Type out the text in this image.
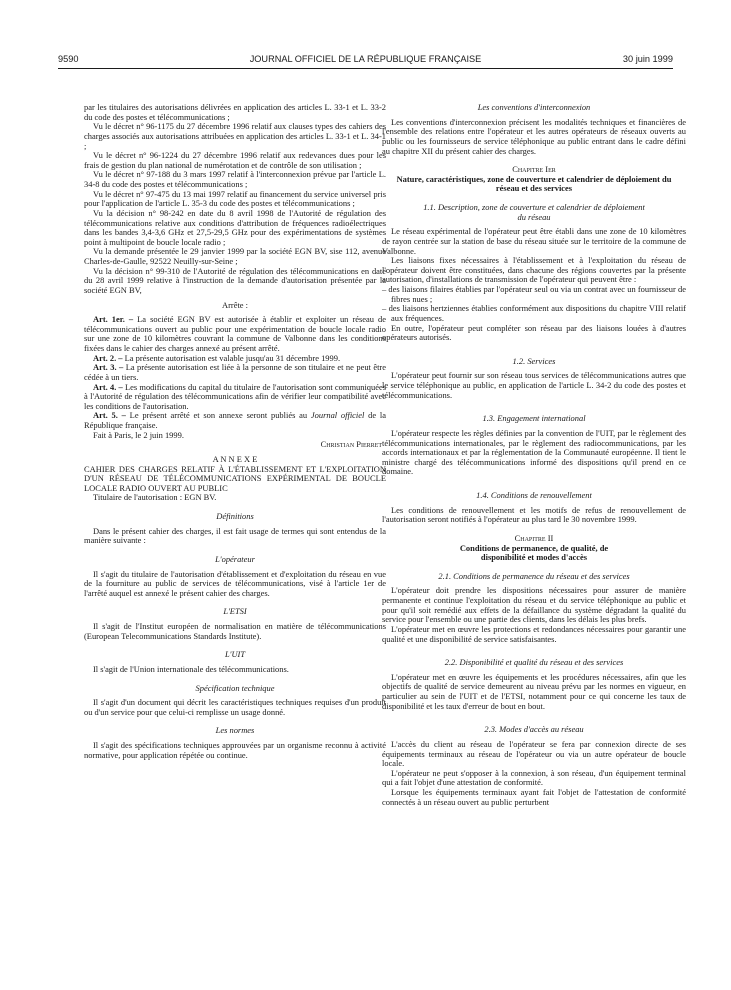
9590	JOURNAL OFFICIEL DE LA RÉPUBLIQUE FRANÇAISE	30 juin 1999

par les titulaires des autorisations délivrées en application des articles L. 33-1 et L. 33-2 du code des postes et télécommunications ;

Vu le décret n° 96-1175 du 27 décembre 1996 relatif aux clauses types des cahiers des charges associés aux autorisations attribuées en application des articles L. 33-1 et L. 34-1 ;

Vu le décret n° 96-1224 du 27 décembre 1996 relatif aux redevances dues pour les frais de gestion du plan national de numérotation et de contrôle de son utilisation ;

Vu le décret n° 97-188 du 3 mars 1997 relatif à l'interconnexion prévue par l'article L. 34-8 du code des postes et télécommunications ;

Vu le décret n° 97-475 du 13 mai 1997 relatif au financement du service universel pris pour l'application de l'article L. 35-3 du code des postes et télécommunications ;

Vu la décision n° 98-242 en date du 8 avril 1998 de l'Autorité de régulation des télécommunications relative aux conditions d'attribution de fréquences radioélectriques dans les bandes 3,4-3,6 GHz et 27,5-29,5 GHz pour des expérimentations de systèmes point à multipoint de boucle locale radio ;

Vu la demande présentée le 29 janvier 1999 par la société EGN BV, sise 112, avenue Charles-de-Gaulle, 92522 Neuilly-sur-Seine ;

Vu la décision n° 99-310 de l'Autorité de régulation des télécommunications en date du 28 avril 1999 relative à l'instruction de la demande d'autorisation présentée par la société EGN BV,

Arrête :

Art. 1er. – La société EGN BV est autorisée à établir et exploiter un réseau de télécommunications ouvert au public pour une expérimentation de boucle locale radio sur une zone de 10 kilomètres couvrant la commune de Valbonne dans les conditions fixées dans le cahier des charges annexé au présent arrêté.

Art. 2. – La présente autorisation est valable jusqu'au 31 décembre 1999.

Art. 3. – La présente autorisation est liée à la personne de son titulaire et ne peut être cédée à un tiers.

Art. 4. – Les modifications du capital du titulaire de l'autorisation sont communiquées à l'Autorité de régulation des télécommunications afin de vérifier leur compatibilité avec les conditions de l'autorisation.

Art. 5. – Le présent arrêté et son annexe seront publiés au Journal officiel de la République française.

Fait à Paris, le 2 juin 1999.

Christian Pierret

A N N E X E

CAHIER DES CHARGES RELATIF À L'ÉTABLISSEMENT ET L'EXPLOITATION D'UN RÉSEAU DE TÉLÉCOMMUNICATIONS EXPÉRIMENTAL DE BOUCLE LOCALE RADIO OUVERT AU PUBLIC

Titulaire de l'autorisation : EGN BV.

Définitions

Dans le présent cahier des charges, il est fait usage de termes qui sont entendus de la manière suivante :

L'opérateur

Il s'agit du titulaire de l'autorisation d'établissement et d'exploitation du réseau en vue de la fourniture au public de services de télécommunications, visé à l'article 1er de l'arrêté auquel est annexé le présent cahier des charges.

L'ETSI

Il s'agit de l'Institut européen de normalisation en matière de télécommunications (European Telecommunications Standards Institute).

L'UIT

Il s'agit de l'Union internationale des télécommunications.

Spécification technique

Il s'agit d'un document qui décrit les caractéristiques techniques requises d'un produit ou d'un service pour que celui-ci remplisse un usage donné.

Les normes

Il s'agit des spécifications techniques approuvées par un organisme reconnu à activité normative, pour application répétée ou continue.

Les conventions d'interconnexion

Les conventions d'interconnexion précisent les modalités techniques et financières de l'ensemble des relations entre l'opérateur et les autres opérateurs de réseaux ouverts au public ou les fournisseurs de service téléphonique au public entrant dans le cadre défini au chapitre XII du présent cahier des charges.

Chapitre Ier

Nature, caractéristiques, zone de couverture et calendrier de déploiement du réseau et des services

1.1. Description, zone de couverture et calendrier de déploiement du réseau

Le réseau expérimental de l'opérateur peut être établi dans une zone de 10 kilomètres de rayon centrée sur la station de base du réseau située sur le territoire de la commune de Valbonne.

Les liaisons fixes nécessaires à l'établissement et à l'exploitation du réseau de l'opérateur doivent être constituées, dans chacune des régions couvertes par la présente autorisation, d'installations de transmission de l'opérateur qui peuvent être :

– des liaisons filaires établies par l'opérateur seul ou via un contrat avec un fournisseur de fibres nues ;

– des liaisons hertziennes établies conformément aux dispositions du chapitre VIII relatif aux fréquences.

En outre, l'opérateur peut compléter son réseau par des liaisons louées à d'autres opérateurs autorisés.

1.2. Services

L'opérateur peut fournir sur son réseau tous services de télécommunications autres que le service téléphonique au public, en application de l'article L. 34-2 du code des postes et télécommunications.

1.3. Engagement international

L'opérateur respecte les règles définies par la convention de l'UIT, par le règlement des télécommunications internationales, par le règlement des radiocommunications, par les accords internationaux et par la réglementation de la Communauté européenne. Il tient le ministre chargé des télécommunications informé des dispositions qu'il prend en ce domaine.

1.4. Conditions de renouvellement

Les conditions de renouvellement et les motifs de refus de renouvellement de l'autorisation seront notifiés à l'opérateur au plus tard le 30 novembre 1999.

Chapitre II

Conditions de permanence, de qualité, de disponibilité et modes d'accès

2.1. Conditions de permanence du réseau et des services

L'opérateur doit prendre les dispositions nécessaires pour assurer de manière permanente et continue l'exploitation du réseau et du service téléphonique au public et pour qu'il soit remédié aux effets de la défaillance du système dégradant la qualité du service pour l'ensemble ou une partie des clients, dans les délais les plus brefs.

L'opérateur met en œuvre les protections et redondances nécessaires pour garantir une qualité et une disponibilité de service satisfaisantes.

2.2. Disponibilité et qualité du réseau et des services

L'opérateur met en œuvre les équipements et les procédures nécessaires, afin que les objectifs de qualité de service demeurent au niveau prévu par les normes en vigueur, en particulier au sein de l'UIT et de l'ETSI, notamment pour ce qui concerne les taux de disponibilité et les taux d'erreur de bout en bout.

2.3. Modes d'accès au réseau

L'accès du client au réseau de l'opérateur se fera par connexion directe de ses équipements terminaux au réseau de l'opérateur ou via un autre opérateur de boucle locale.

L'opérateur ne peut s'opposer à la connexion, à son réseau, d'un équipement terminal qui a fait l'objet d'une attestation de conformité.

Lorsque les équipements terminaux ayant fait l'objet de l'attestation de conformité connectés à un réseau ouvert au public perturbent
